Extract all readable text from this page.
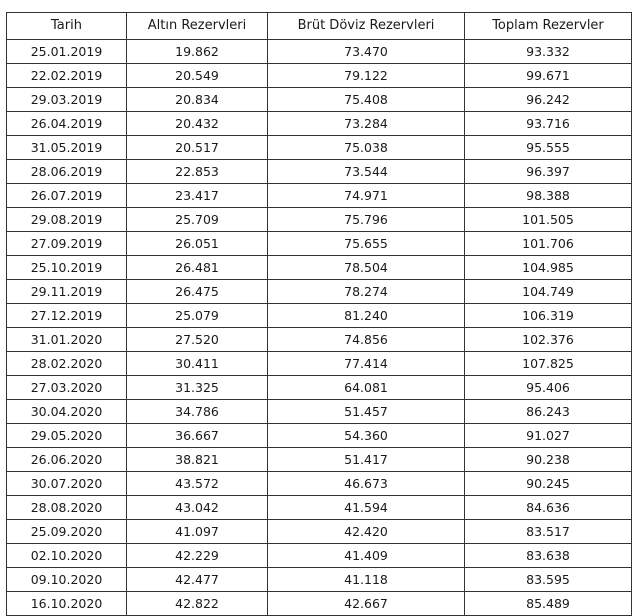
Tarih	Altın Rezervleri	Brüt Döviz Rezervleri	Toplam Rezervler
25.01.2019	19.862	73.470	93.332
22.02.2019	20.549	79.122	99.671
29.03.2019	20.834	75.408	96.242
26.04.2019	20.432	73.284	93.716
31.05.2019	20.517	75.038	95.555
28.06.2019	22.853	73.544	96.397
26.07.2019	23.417	74.971	98.388
29.08.2019	25.709	75.796	101.505
27.09.2019	26.051	75.655	101.706
25.10.2019	26.481	78.504	104.985
29.11.2019	26.475	78.274	104.749
27.12.2019	25.079	81.240	106.319
31.01.2020	27.520	74.856	102.376
28.02.2020	30.411	77.414	107.825
27.03.2020	31.325	64.081	95.406
30.04.2020	34.786	51.457	86.243
29.05.2020	36.667	54.360	91.027
26.06.2020	38.821	51.417	90.238
30.07.2020	43.572	46.673	90.245
28.08.2020	43.042	41.594	84.636
25.09.2020	41.097	42.420	83.517
02.10.2020	42.229	41.409	83.638
09.10.2020	42.477	41.118	83.595
16.10.2020	42.822	42.667	85.489
